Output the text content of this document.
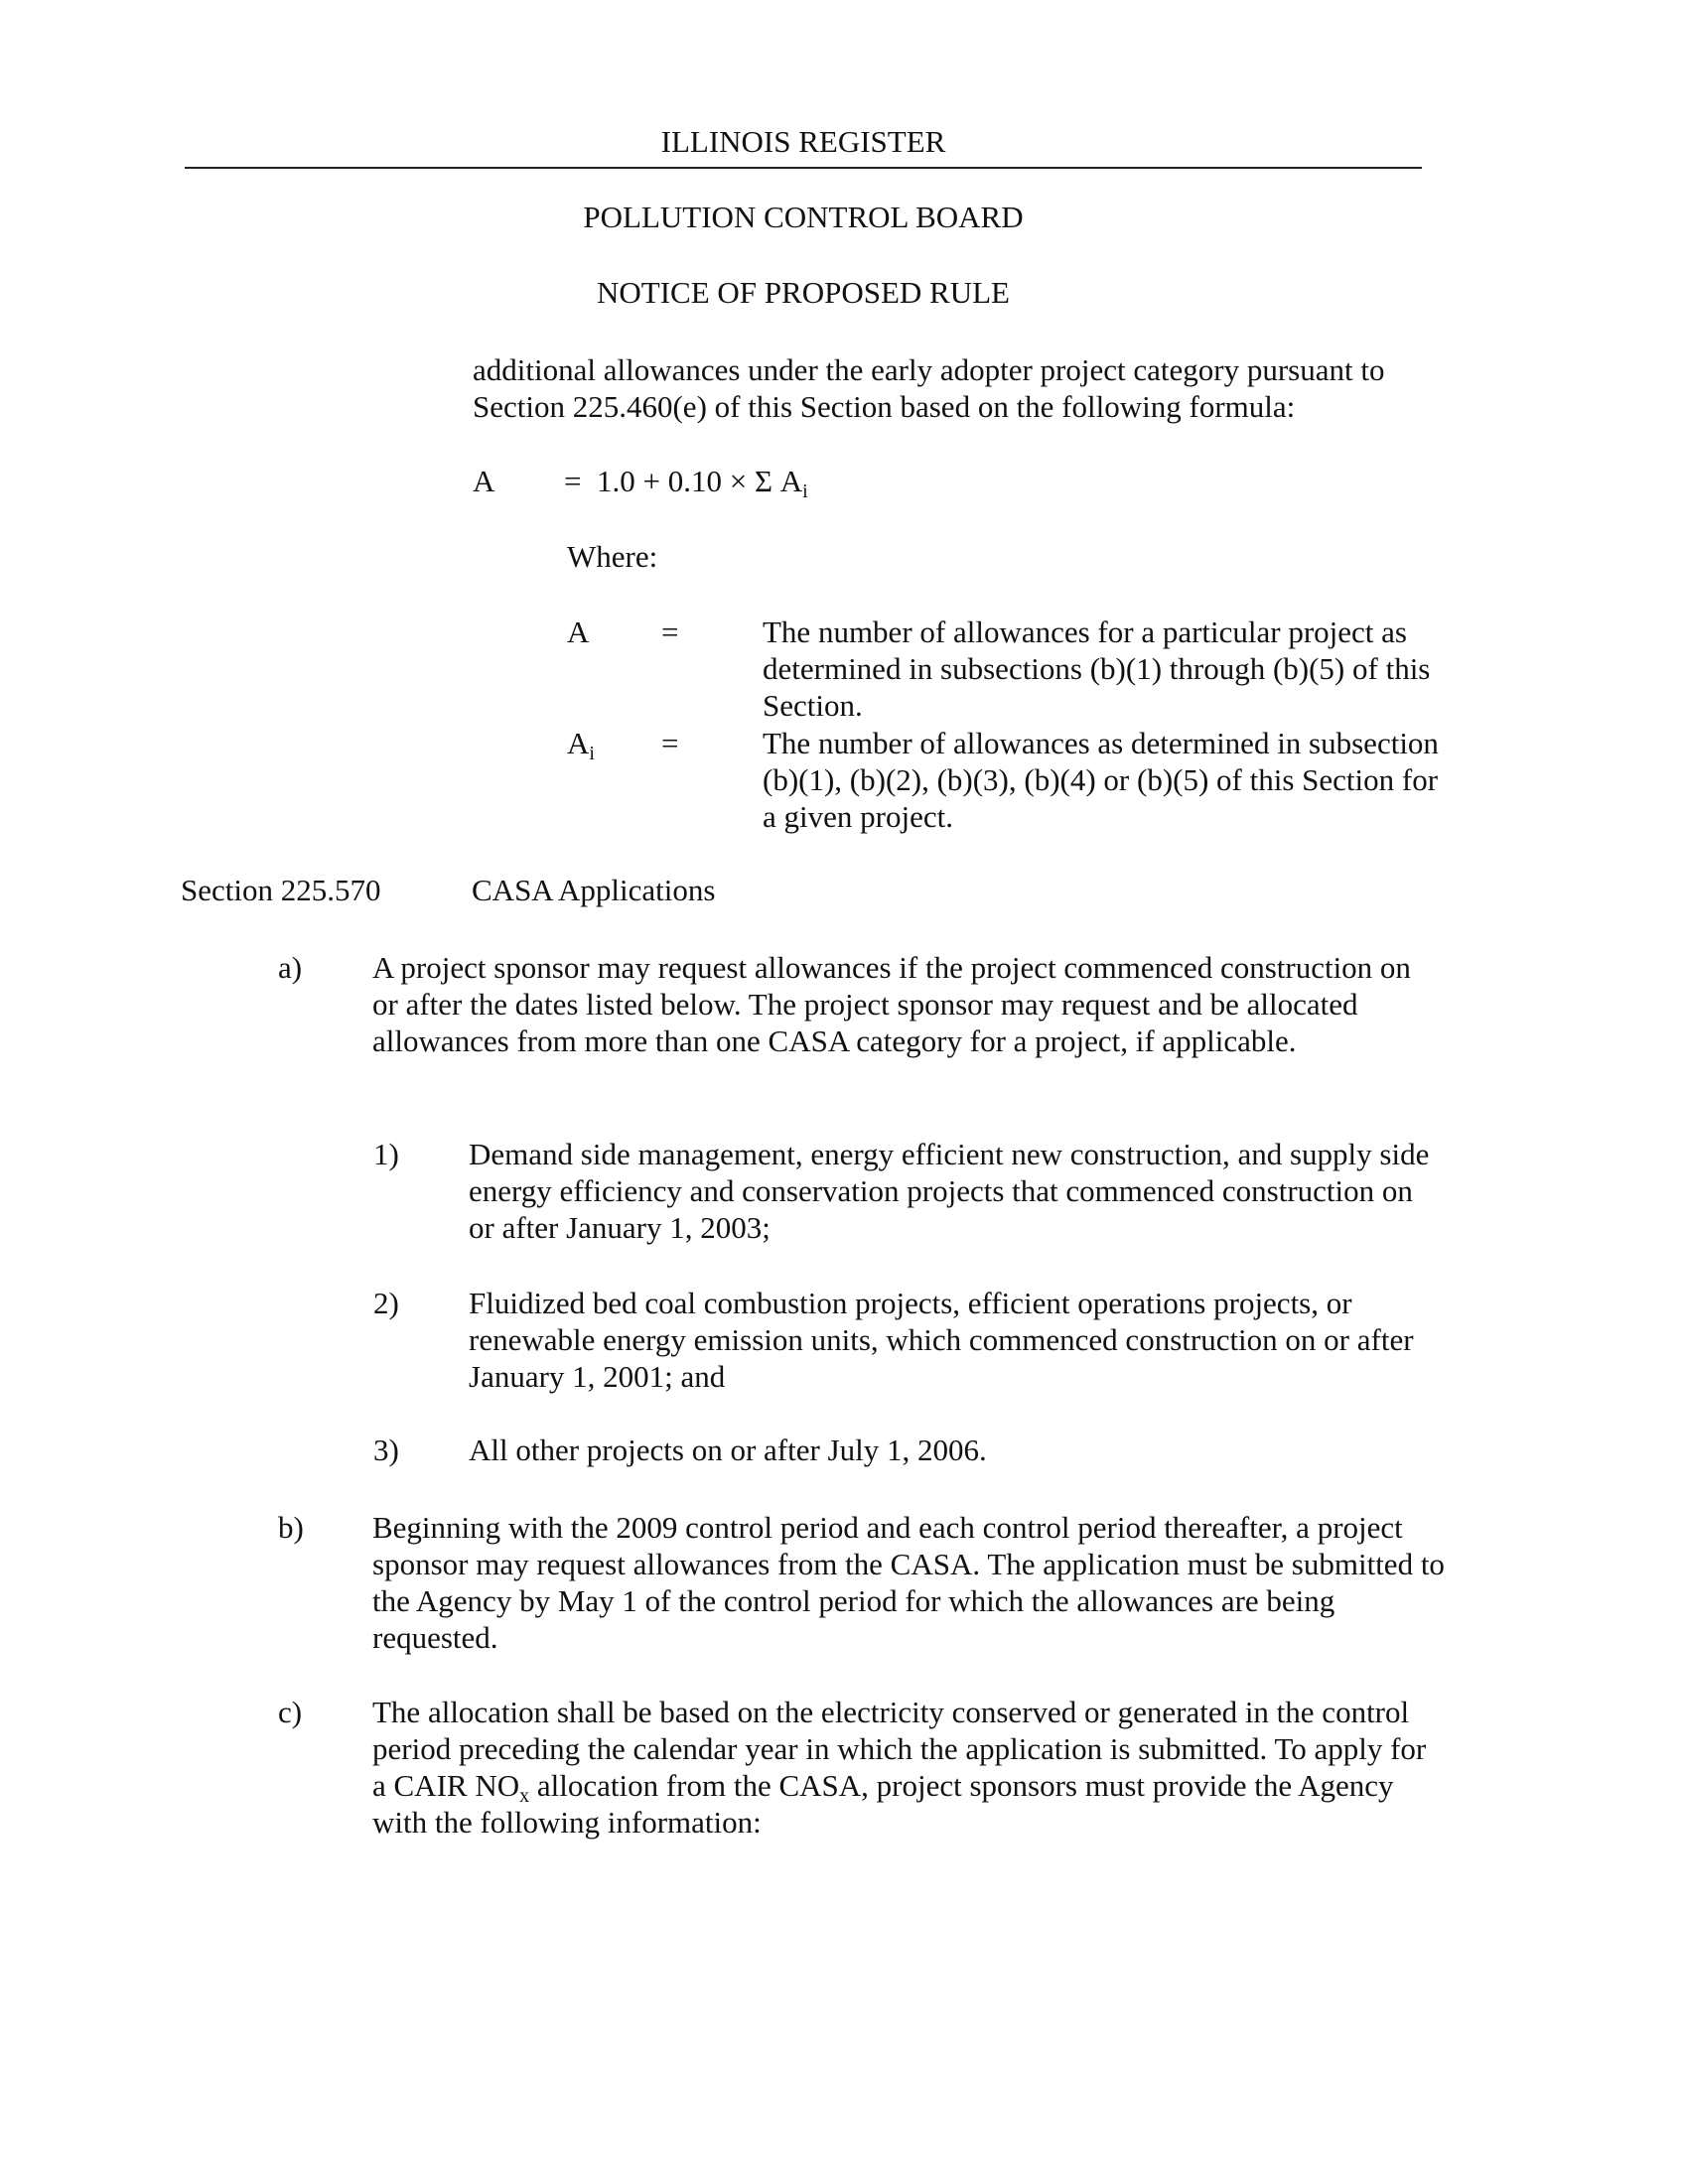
ILLINOIS REGISTER
POLLUTION CONTROL BOARD
NOTICE OF PROPOSED RULE
additional allowances under the early adopter project category pursuant to Section 225.460(e) of this Section based on the following formula:
A = 1.0 + 0.10 × Σ $A_i$
Where:
A =	The number of allowances for a particular project as determined in subsections (b)(1) through (b)(5) of this Section.
$A_i$ =	The number of allowances as determined in subsection (b)(1), (b)(2), (b)(3), (b)(4) or (b)(5) of this Section for a given project.
Section 225.570	CASA Applications
a) A project sponsor may request allowances if the project commenced construction on or after the dates listed below. The project sponsor may request and be allocated allowances from more than one CASA category for a project, if applicable.
1) Demand side management, energy efficient new construction, and supply side energy efficiency and conservation projects that commenced construction on or after January 1, 2003;
2) Fluidized bed coal combustion projects, efficient operations projects, or renewable energy emission units, which commenced construction on or after January 1, 2001; and
3) All other projects on or after July 1, 2006.
b) Beginning with the 2009 control period and each control period thereafter, a project sponsor may request allowances from the CASA. The application must be submitted to the Agency by May 1 of the control period for which the allowances are being requested.
c) The allocation shall be based on the electricity conserved or generated in the control period preceding the calendar year in which the application is submitted. To apply for a CAIR $NO_x$ allocation from the CASA, project sponsors must provide the Agency with the following information:
